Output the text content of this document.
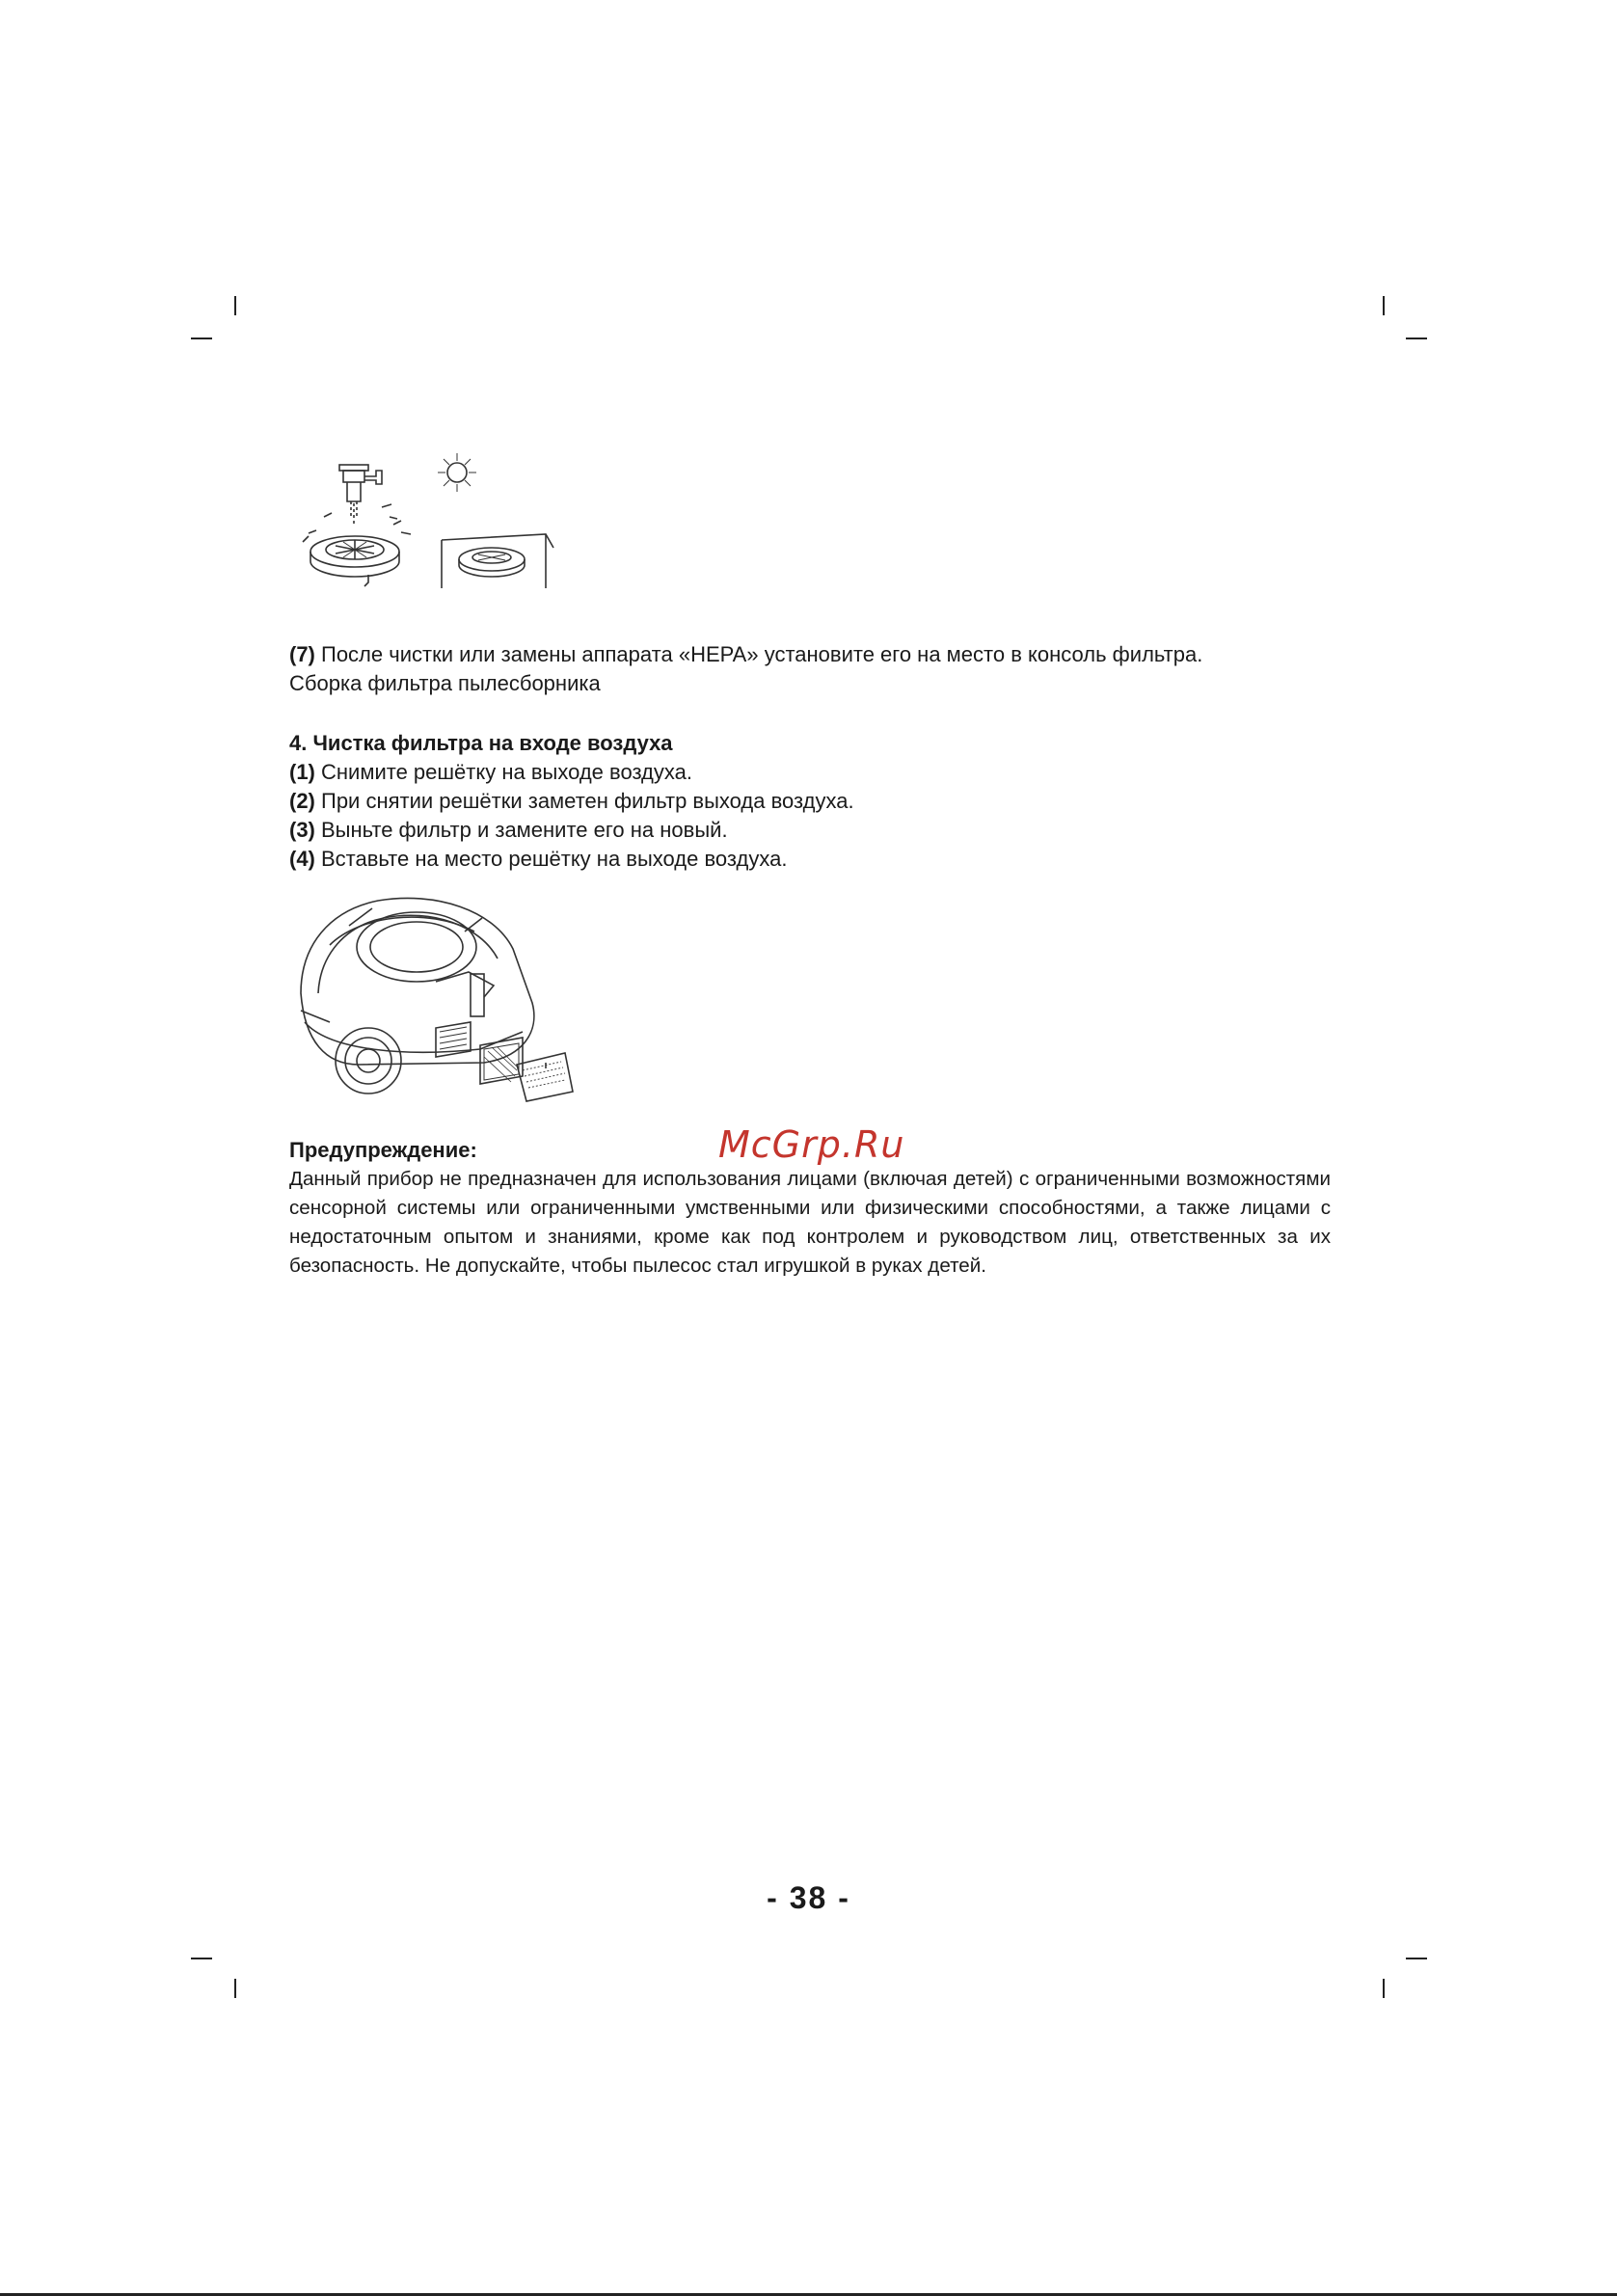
(7) После чистки или замены аппарата «HEPA» установите его на место в консоль фильтра.

Сборка фильтра пылесборника

4. Чистка фильтра на входе воздуха

(1) Снимите решётку на выходе воздуха.

(2) При снятии решётки заметен фильтр выхода воздуха.

(3) Выньте фильтр и замените его на новый.

(4) Вставьте на место решётку на выходе воздуха.

Предупреждение:

Данный прибор не предназначен для использования лицами (включая детей) с ограниченными возможностями сенсорной системы или ограниченными умственными или физическими способностями, а также лицами с недостаточным опытом и знаниями, кроме как под контролем и руководством лиц, ответственных за их безопасность. Не допускайте, чтобы пылесос стал игрушкой в руках детей.

McGrp.Ru
- 38 -
